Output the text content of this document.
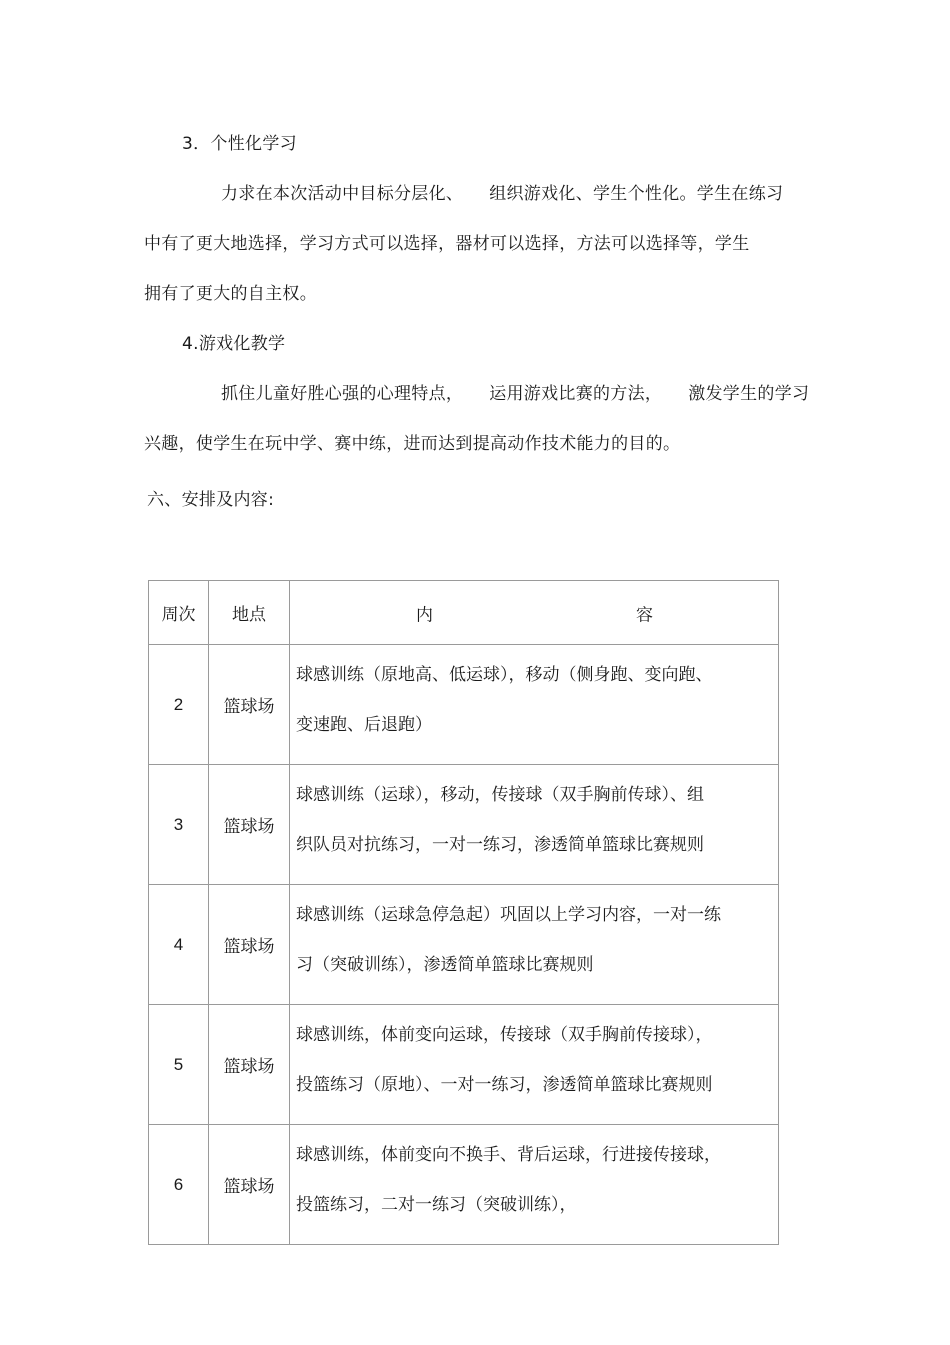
3．个性化学习
力求在本次活动中目标分层化、 组织游戏化、学生个性化。学生在练习
中有了更大地选择，学习方式可以选择，器材可以选择，方法可以选择等，学生
拥有了更大的自主权。
4.游戏化教学
抓住儿童好胜心强的心理特点， 运用游戏比赛的方法， 激发学生的学习
兴趣，使学生在玩中学、赛中练，进而达到提高动作技术能力的目的。
六、安排及内容:
周次	地点	内 容

2	篮球场	球感训练（原地高、低运球），移动（侧身跑、变向跑、
变速跑、后退跑）

3	篮球场	球感训练（运球），移动，传接球（双手胸前传球）、组
织队员对抗练习，一对一练习，渗透简单篮球比赛规则

4	篮球场	球感训练（运球急停急起）巩固以上学习内容，一对一练
习（突破训练），渗透简单篮球比赛规则

5	篮球场	球感训练，体前变向运球，传接球（双手胸前传接球），
投篮练习（原地）、一对一练习，渗透简单篮球比赛规则

6	篮球场	球感训练，体前变向不换手、背后运球，行进接传接球，
投篮练习，二对一练习（突破训练），
